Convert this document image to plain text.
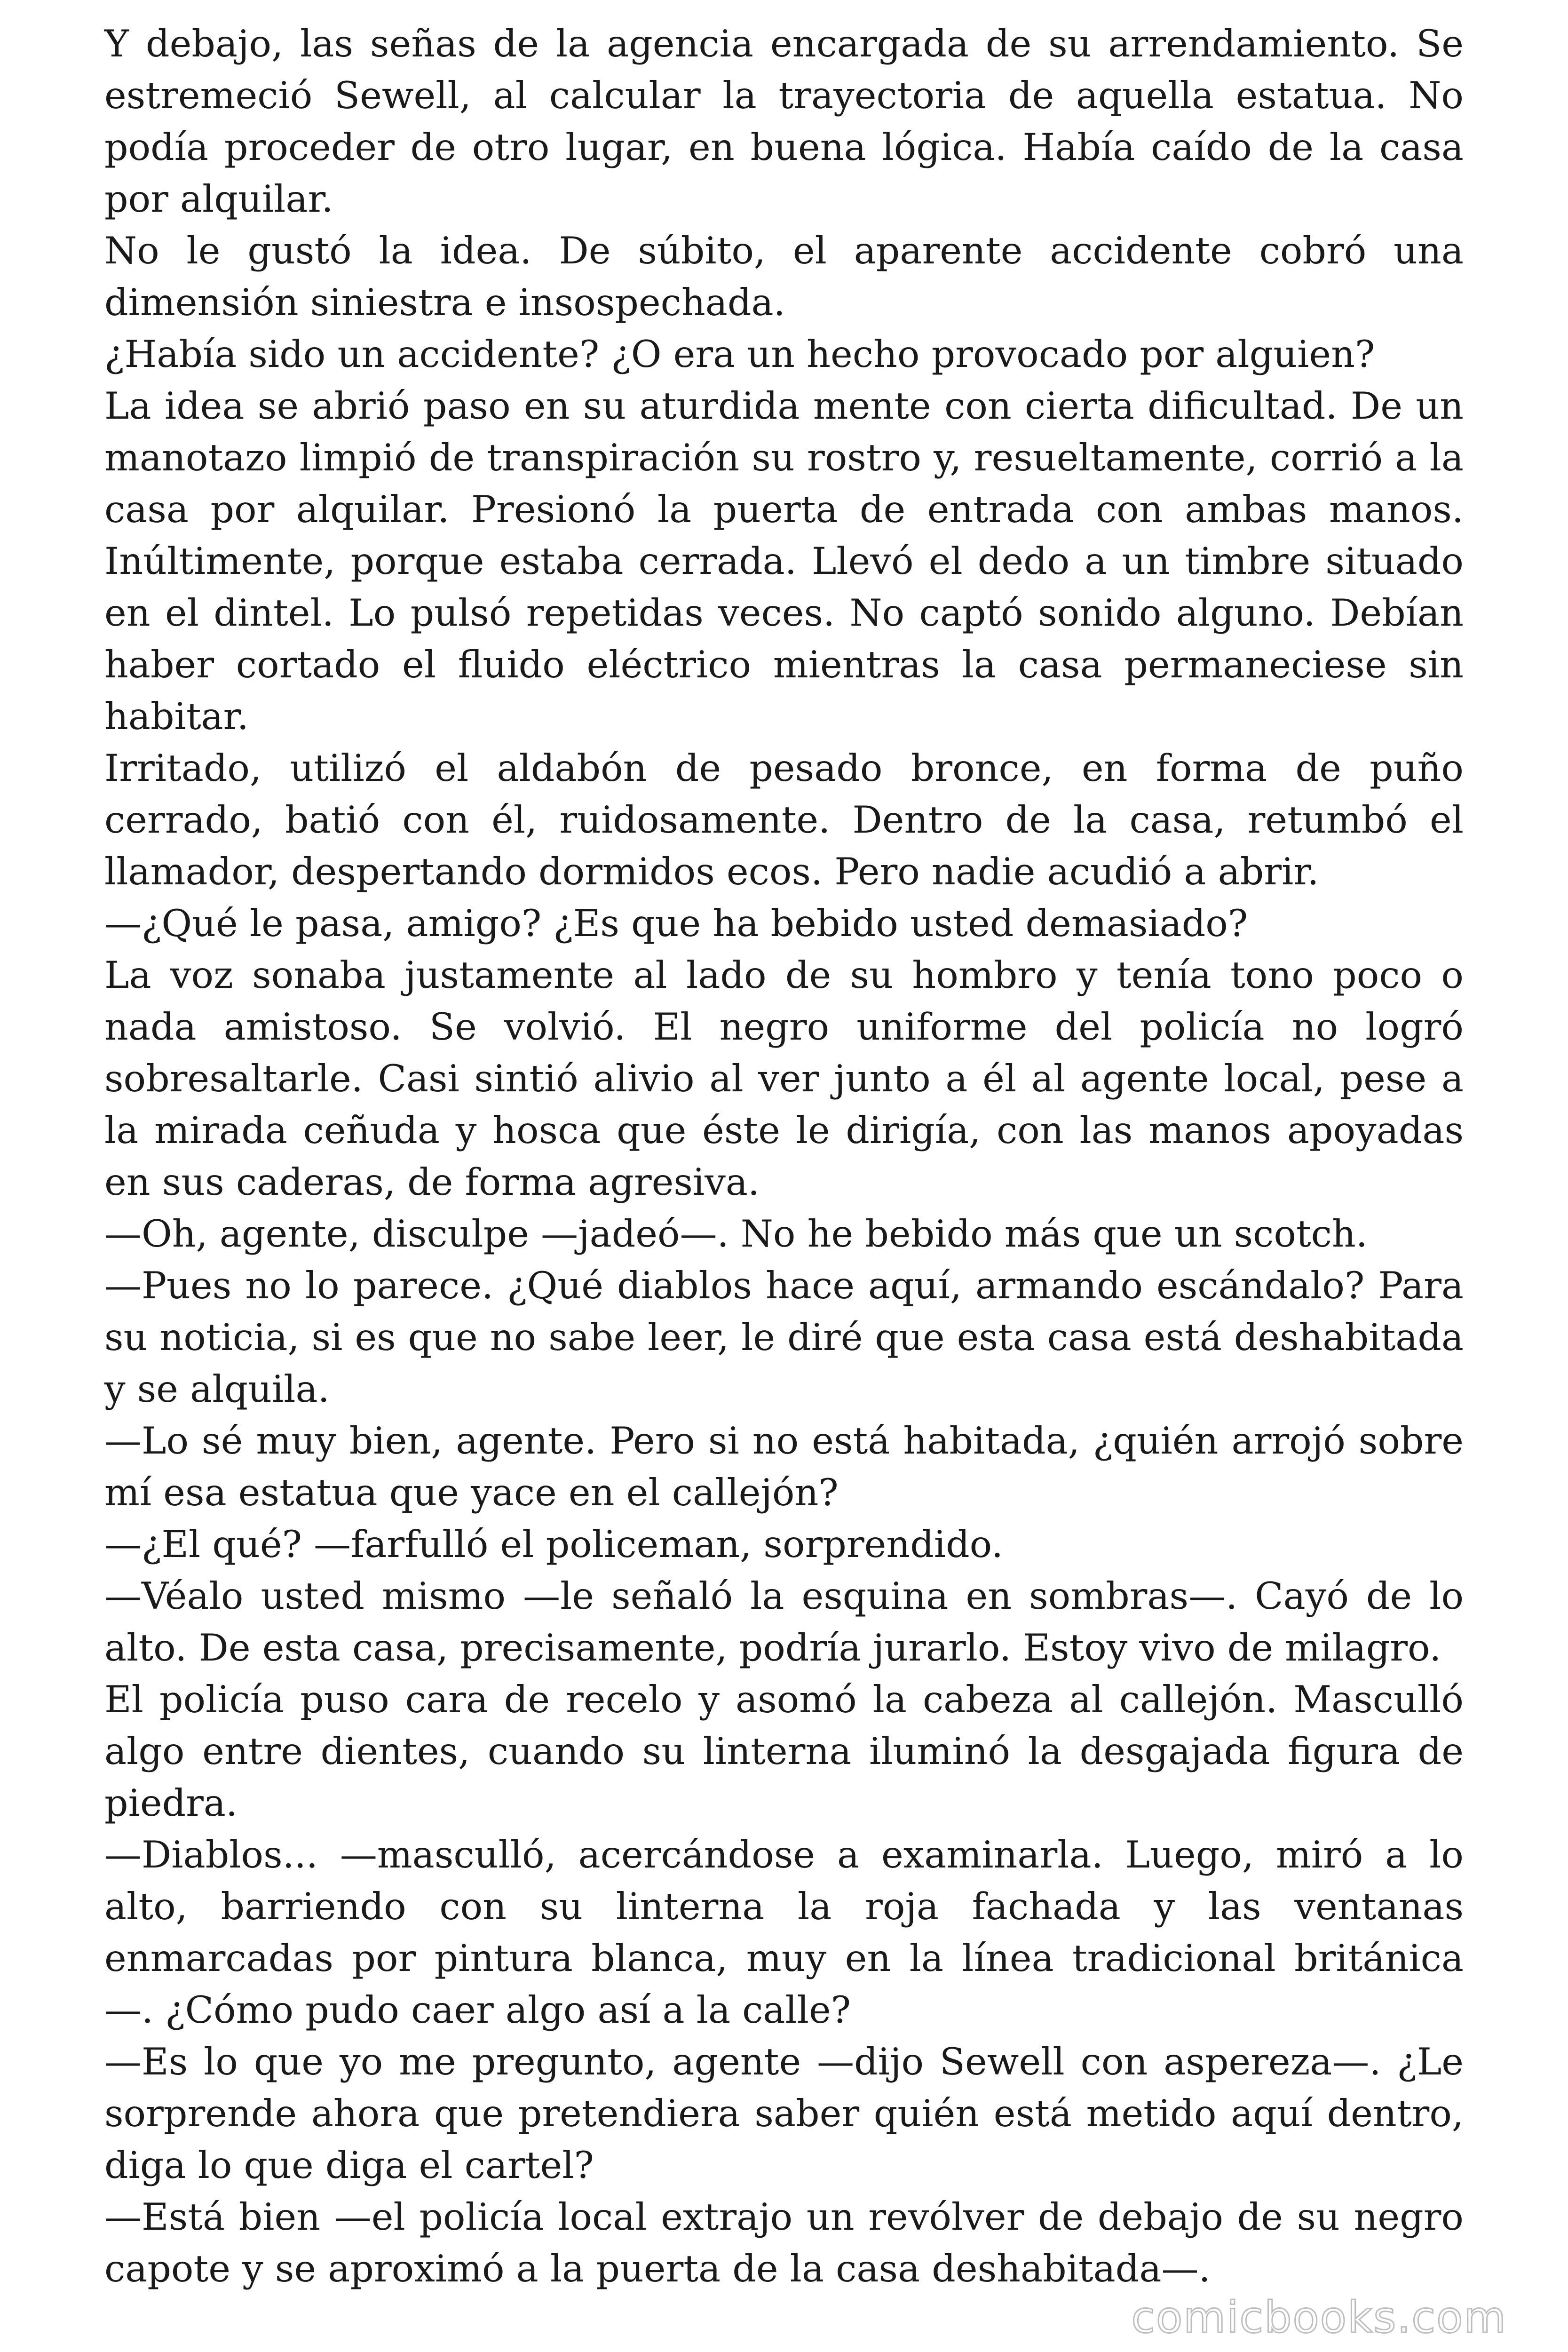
Y debajo, las señas de la agencia encargada de su arrendamiento. Se estremeció Sewell, al calcular la trayectoria de aquella estatua. No podía proceder de otro lugar, en buena lógica. Había caído de la casa por alquilar.

No le gustó la idea. De súbito, el aparente accidente cobró una dimensión siniestra e insospechada.

¿Había sido un accidente? ¿O era un hecho provocado por alguien?

La idea se abrió paso en su aturdida mente con cierta dificultad. De un manotazo limpió de transpiración su rostro y, resueltamente, corrió a la casa por alquilar. Presionó la puerta de entrada con ambas manos. Inúltimente, porque estaba cerrada. Llevó el dedo a un timbre situado en el dintel. Lo pulsó repetidas veces. No captó sonido alguno. Debían haber cortado el fluido eléctrico mientras la casa permaneciese sin habitar.

Irritado, utilizó el aldabón de pesado bronce, en forma de puño cerrado, batió con él, ruidosamente. Dentro de la casa, retumbó el llamador, despertando dormidos ecos. Pero nadie acudió a abrir.

—¿Qué le pasa, amigo? ¿Es que ha bebido usted demasiado?

La voz sonaba justamente al lado de su hombro y tenía tono poco o nada amistoso. Se volvió. El negro uniforme del policía no logró sobresaltarle. Casi sintió alivio al ver junto a él al agente local, pese a la mirada ceñuda y hosca que éste le dirigía, con las manos apoyadas en sus caderas, de forma agresiva.

—Oh, agente, disculpe —jadeó—. No he bebido más que un scotch.

—Pues no lo parece. ¿Qué diablos hace aquí, armando escándalo? Para su noticia, si es que no sabe leer, le diré que esta casa está deshabitada y se alquila.

—Lo sé muy bien, agente. Pero si no está habitada, ¿quién arrojó sobre mí esa estatua que yace en el callejón?

—¿El qué? —farfulló el policeman, sorprendido.

—Véalo usted mismo —le señaló la esquina en sombras—. Cayó de lo alto. De esta casa, precisamente, podría jurarlo. Estoy vivo de milagro.

El policía puso cara de recelo y asomó la cabeza al callejón. Masculló algo entre dientes, cuando su linterna iluminó la desgajada figura de piedra.

—Diablos... —masculló, acercándose a examinarla. Luego, miró a lo alto, barriendo con su linterna la roja fachada y las ventanas enmarcadas por pintura blanca, muy en la línea tradicional británica —. ¿Cómo pudo caer algo así a la calle?

—Es lo que yo me pregunto, agente —dijo Sewell con aspereza—. ¿Le sorprende ahora que pretendiera saber quién está metido aquí dentro, diga lo que diga el cartel?

—Está bien —el policía local extrajo un revólver de debajo de su negro capote y se aproximó a la puerta de la casa deshabitada—.

comicbooks.com
